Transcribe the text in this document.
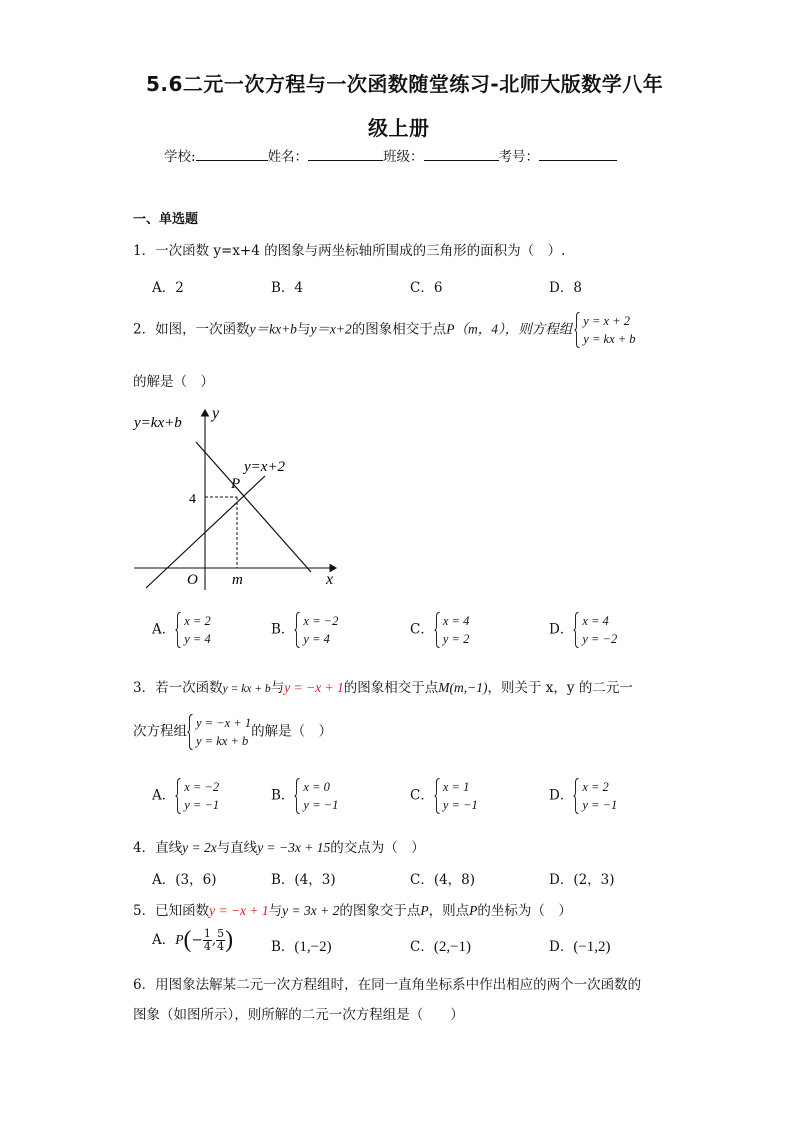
5.6二元一次方程与一次函数随堂练习-北师大版数学八年
级上册
学校:	姓名：	班级：	考号：
一、单选题
1．一次函数 y=x+4 的图象与两坐标轴所围成的三角形的面积为（　）.
A．2	B．4	C．6	D．8
2．如图，一次函数y＝kx+b与y＝x+2的图象相交于点P（m，4），则方程组
y = x + 2
y = kx + b
的解是（　）
y=kx+b
y
y=x+2
P
4
O m	x
A．
x = 2
y = 4
B．
x = −2
y = 4
C．
x = 4
y = 2
D．
x = 4
y = −2
3．若一次函数y = kx + b与y = −x + 1的图象相交于点M(m,−1)，则关于 x，y 的二元一
次方程组
y = −x + 1
y = kx + b
的解是（　）
A．
x = −2
y = −1
B．
x = 0
y = −1
C．
x = 1
y = −1
D．
x = 2
y = −1
4．直线y = 2x与直线y = −3x + 15的交点为（　）
A．(3，6)	B．(4，3)	C．(4，8)	D．(2，3)
5．已知函数y = −x + 1与y = 3x + 2的图象交于点P，则点P的坐标为（　）
A．$P(- \frac{1}{4}$ , $\frac{5}{4}$ )	B．(1,−2)	C．(2,−1)	D．(−1,2)
6．用图象法解某二元一次方程组时，在同一直角坐标系中作出相应的两个一次函数的
图象（如图所示），则所解的二元一次方程组是（　　）
